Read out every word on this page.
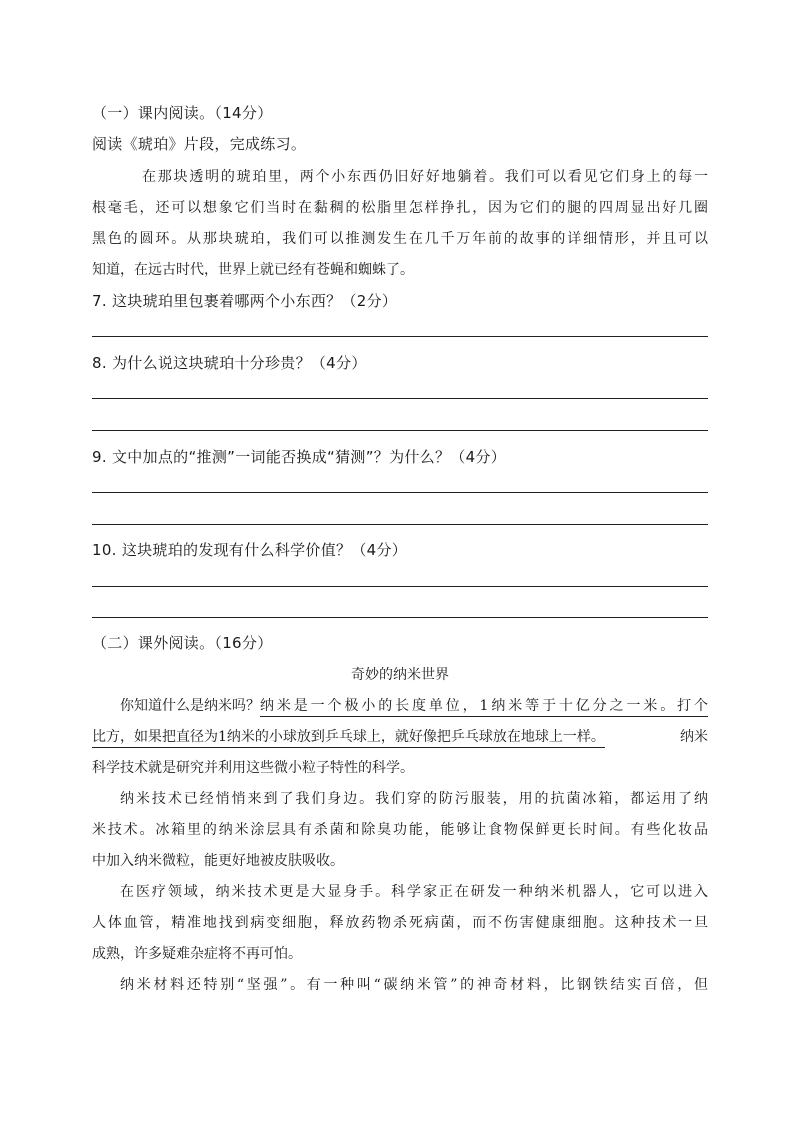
（一）课内阅读。（14分）
阅读《琥珀》片段，完成练习。
在那块透明的琥珀里，两个小东西仍旧好好地躺着。我们可以看见它们身上的每一
根毫毛，还可以想象它们当时在黏稠的松脂里怎样挣扎，因为它们的腿的四周显出好几圈
黑色的圆环。从那块琥珀，我们可以推测发生在几千万年前的故事的详细情形，并且可以
知道，在远古时代，世界上就已经有苍蝇和蜘蛛了。
7. 这块琥珀里包裹着哪两个小东西？（2分）
8. 为什么说这块琥珀十分珍贵？（4分）
9. 文中加点的“推测”一词能否换成“猜测”？为什么？（4分）
10. 这块琥珀的发现有什么科学价值？（4分）
（二）课外阅读。（16分）
奇妙的纳米世界
你知道什么是纳米吗？ 纳米是一个极小的长度单位，1纳米等于十亿分之一米。打个
比方，如果把直径为1纳米的小球放到乒乓球上，就好像把乒乓球放在地球上一样。	纳米
科学技术就是研究并利用这些微小粒子特性的科学。
纳米技术已经悄悄来到了我们身边。我们穿的防污服装，用的抗菌冰箱，都运用了纳
米技术。冰箱里的纳米涂层具有杀菌和除臭功能，能够让食物保鲜更长时间。有些化妆品
中加入纳米微粒，能更好地被皮肤吸收。
在医疗领域，纳米技术更是大显身手。科学家正在研发一种纳米机器人，它可以进入
人体血管，精准地找到病变细胞，释放药物杀死病菌，而不伤害健康细胞。这种技术一旦
成熟，许多疑难杂症将不再可怕。
纳米材料还特别“坚强”。有一种叫“碳纳米管”的神奇材料，比钢铁结实百倍，但
